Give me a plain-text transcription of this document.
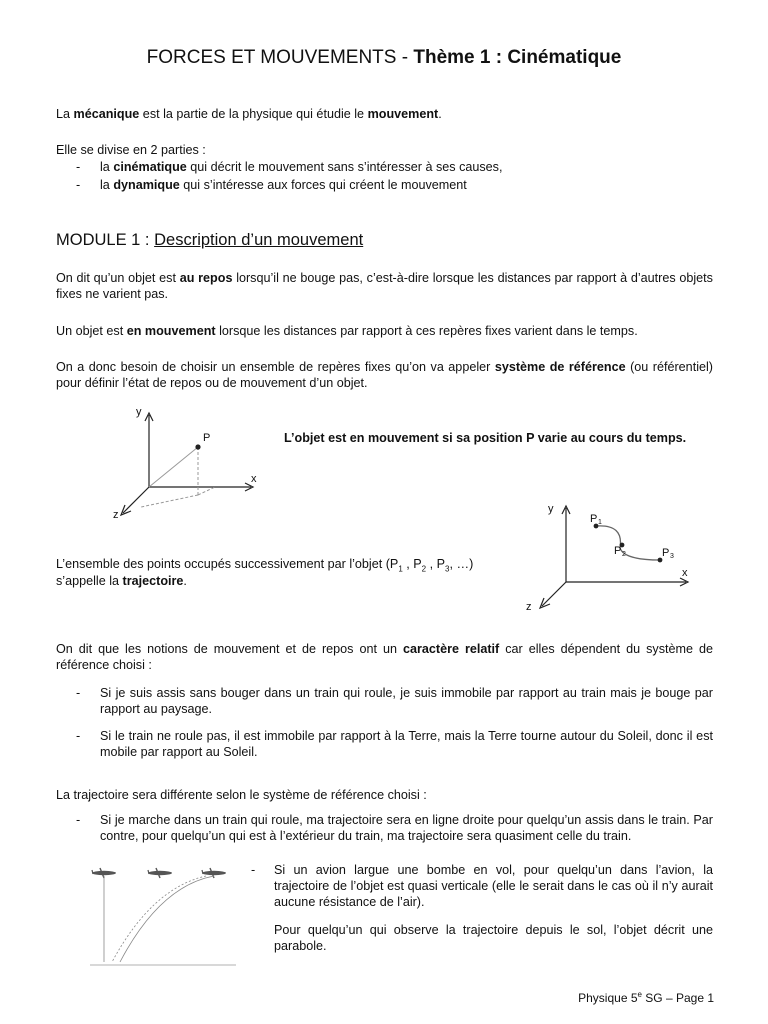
FORCES ET MOUVEMENTS - Thème 1 : Cinématique
La mécanique est la partie de la physique qui étudie le mouvement.
Elle se divise en 2 parties :
- la cinématique qui décrit le mouvement sans s’intéresser à ses causes,
- la dynamique qui s’intéresse aux forces qui créent le mouvement
MODULE 1 : Description d’un mouvement
On dit qu’un objet est au repos lorsqu’il ne bouge pas, c’est-à-dire lorsque les distances par rapport à d’autres objets fixes ne varient pas.
Un objet est en mouvement lorsque les distances par rapport à ces repères fixes varient dans le temps.
On a donc besoin de choisir un ensemble de repères fixes qu’on va appeler système de référence (ou référentiel) pour définir l’état de repos ou de mouvement d’un objet.
y
x
z
P	L’objet est en mouvement si sa position P varie au cours du temps.
y
x
z
P 1
P 2	P 3
L’ensemble des points occupés successivement par l’objet ($P_1$ , $P_2$ , $P_3$, …)
s’appelle la trajectoire.
On dit que les notions de mouvement et de repos ont un caractère relatif car elles dépendent du système de référence choisi :
- Si je suis assis sans bouger dans un train qui roule, je suis immobile par rapport au train mais je bouge par rapport au paysage.
- Si le train ne roule pas, il est immobile par rapport à la Terre, mais la Terre tourne autour du Soleil, donc il est mobile par rapport au Soleil.
La trajectoire sera différente selon le système de référence choisi :
- Si je marche dans un train qui roule, ma trajectoire sera en ligne droite pour quelqu’un assis dans le train. Par contre, pour quelqu’un qui est à l’extérieur du train, ma trajectoire sera quasiment celle du train.
- Si un avion largue une bombe en vol, pour quelqu’un dans l’avion, la trajectoire de l’objet est quasi verticale (elle le serait dans le cas où il n’y aurait aucune résistance de l’air).
Pour quelqu’un qui observe la trajectoire depuis le sol, l’objet décrit une parabole.
Physique 5e SG – Page 1
